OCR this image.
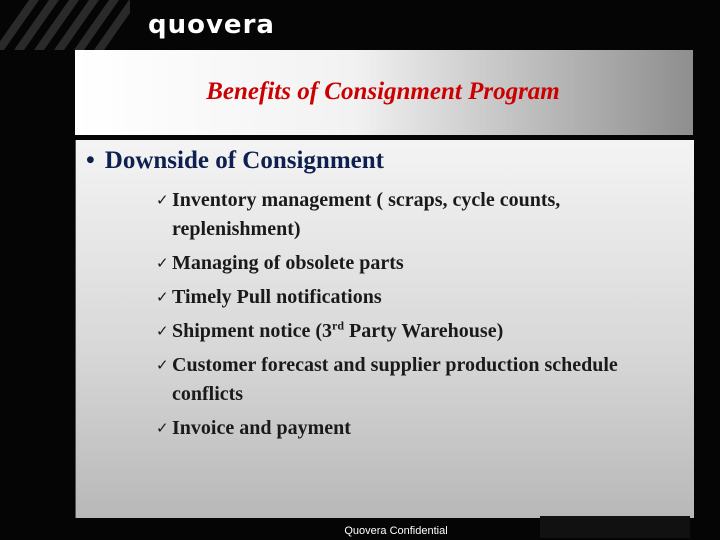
quovera
Benefits of Consignment Program
• Downside of Consignment
✓ Inventory management ( scraps, cycle counts, replenishment)
✓ Managing of obsolete parts
✓ Timely Pull notifications
✓ Shipment notice (3rd Party Warehouse)
✓ Customer forecast and supplier production schedule conflicts
✓ Invoice and payment
Quovera Confidential
